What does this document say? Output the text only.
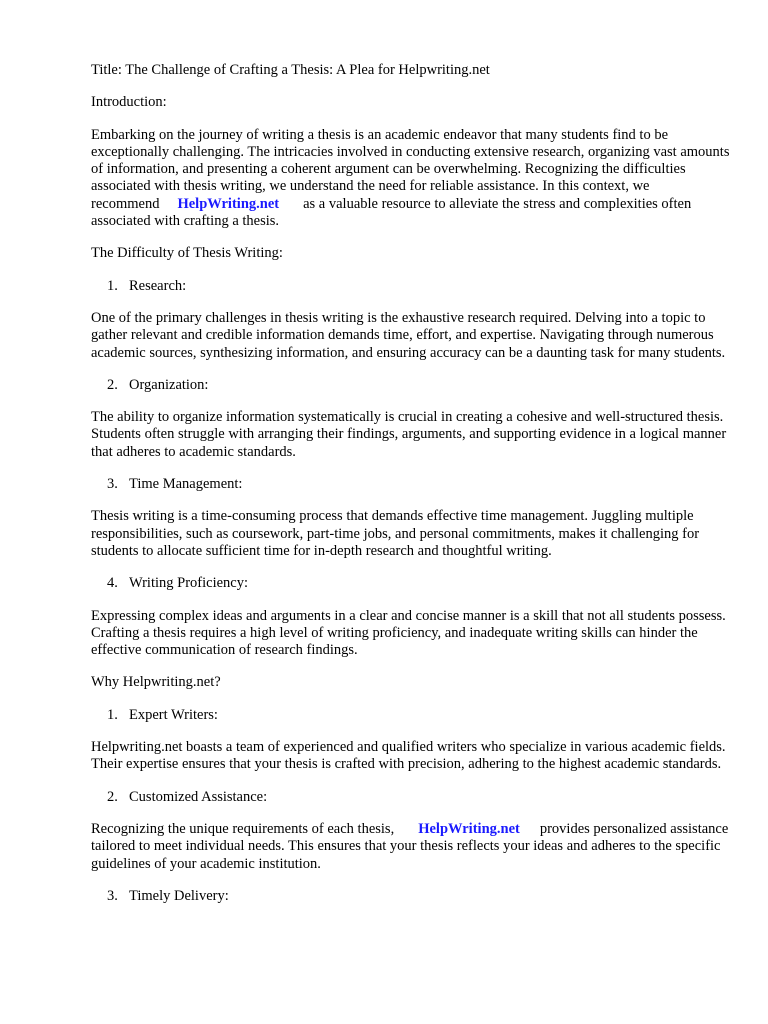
Title: The Challenge of Crafting a Thesis: A Plea for Helpwriting.net

Introduction:

Embarking on the journey of writing a thesis is an academic endeavor that many students find to be exceptionally challenging. The intricacies involved in conducting extensive research, organizing vast amounts of information, and presenting a coherent argument can be overwhelming. Recognizing the difficulties associated with thesis writing, we understand the need for reliable assistance. In this context, we recommend HelpWriting.net as a valuable resource to alleviate the stress and complexities often associated with crafting a thesis.

The Difficulty of Thesis Writing:

1. Research:

One of the primary challenges in thesis writing is the exhaustive research required. Delving into a topic to gather relevant and credible information demands time, effort, and expertise. Navigating through numerous academic sources, synthesizing information, and ensuring accuracy can be a daunting task for many students.

2. Organization:

The ability to organize information systematically is crucial in creating a cohesive and well-structured thesis. Students often struggle with arranging their findings, arguments, and supporting evidence in a logical manner that adheres to academic standards.

3. Time Management:

Thesis writing is a time-consuming process that demands effective time management. Juggling multiple responsibilities, such as coursework, part-time jobs, and personal commitments, makes it challenging for students to allocate sufficient time for in-depth research and thoughtful writing.

4. Writing Proficiency:

Expressing complex ideas and arguments in a clear and concise manner is a skill that not all students possess. Crafting a thesis requires a high level of writing proficiency, and inadequate writing skills can hinder the effective communication of research findings.

Why Helpwriting.net?

1. Expert Writers:

Helpwriting.net boasts a team of experienced and qualified writers who specialize in various academic fields. Their expertise ensures that your thesis is crafted with precision, adhering to the highest academic standards.

2. Customized Assistance:

Recognizing the unique requirements of each thesis, HelpWriting.net provides personalized assistance tailored to meet individual needs. This ensures that your thesis reflects your ideas and adheres to the specific guidelines of your academic institution.

3. Timely Delivery:
